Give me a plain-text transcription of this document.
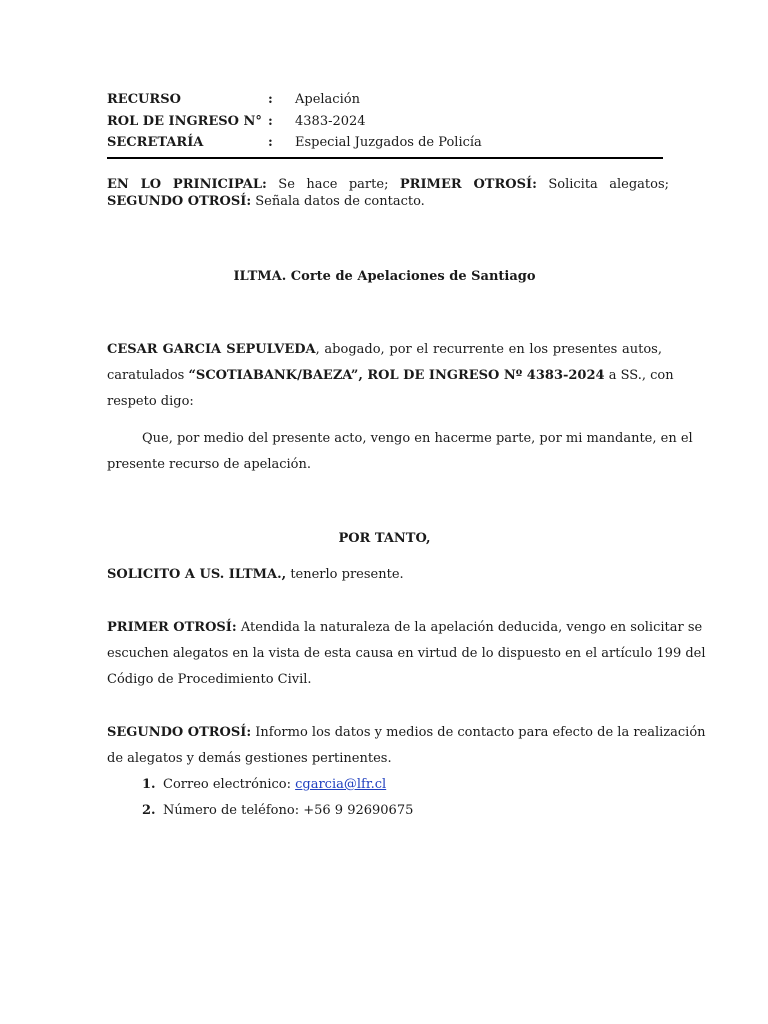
RECURSO	: Apelación
ROL DE INGRESO N° : 4383-2024
SECRETARÍA	: Especial Juzgados de Policía
EN LO PRINICIPAL: Se hace parte; PRIMER OTROSÍ: Solicita alegatos; SEGUNDO OTROSÍ: Señala datos de contacto.
ILTMA. Corte de Apelaciones de Santiago
CESAR GARCIA SEPULVEDA, abogado, por el recurrente en los presentes autos,
caratulados “SCOTIABANK/BAEZA”, ROL DE INGRESO Nº 4383-2024 a SS., con
respeto digo:
Que, por medio del presente acto, vengo en hacerme parte, por mi mandante, en el
presente recurso de apelación.
POR TANTO,
SOLICITO A US. ILTMA., tenerlo presente.
PRIMER OTROSÍ: Atendida la naturaleza de la apelación deducida, vengo en solicitar se
escuchen alegatos en la vista de esta causa en virtud de lo dispuesto en el artículo 199 del
Código de Procedimiento Civil.
SEGUNDO OTROSÍ: Informo los datos y medios de contacto para efecto de la realización
de alegatos y demás gestiones pertinentes.
1. Correo electrónico: cgarcia@lfr.cl
2. Número de teléfono: +56 9 92690675
